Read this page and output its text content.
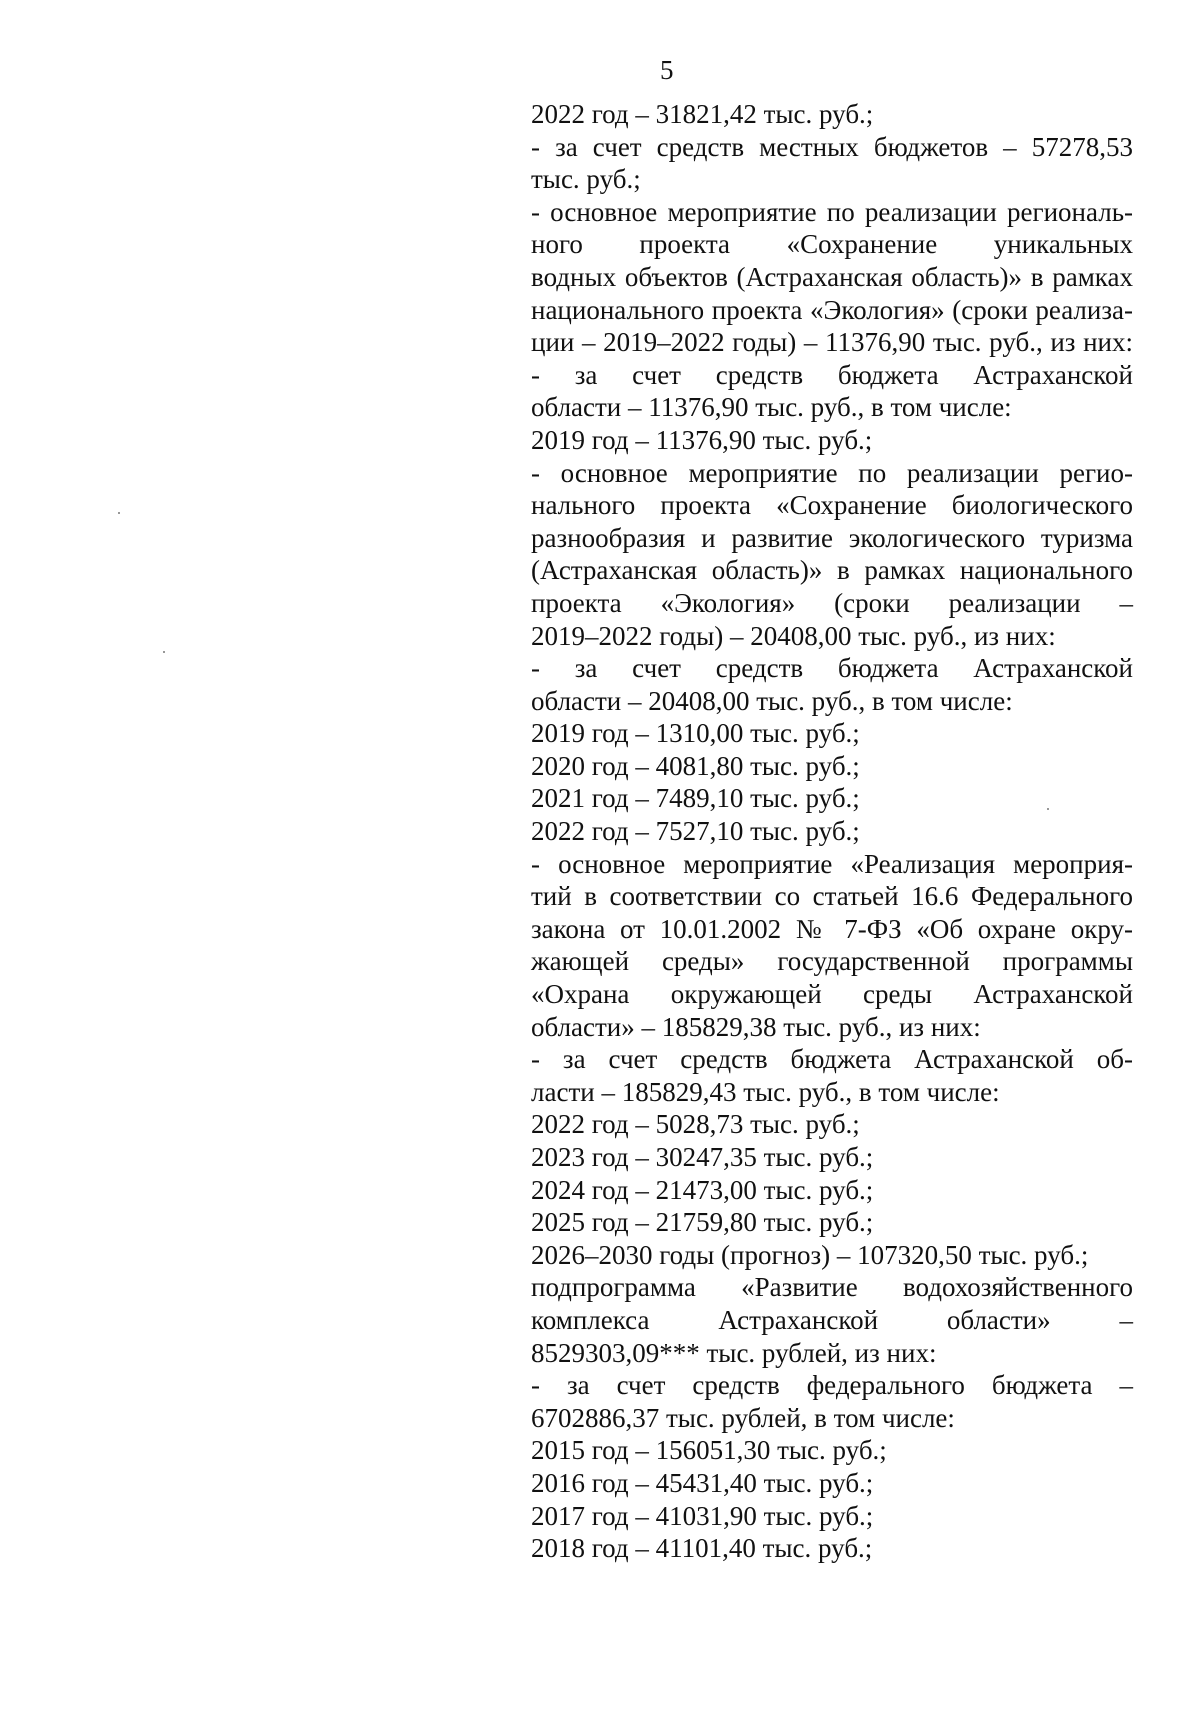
5
2022 год – 31821,42 тыс. руб.;
- за счет средств местных бюджетов – 57278,53
тыс. руб.;
- основное мероприятие по реализации региональ-
ного проекта «Сохранение уникальных
водных объектов (Астраханская область)» в рамках
национального проекта «Экология» (сроки реализа-
ции – 2019–2022 годы) – 11376,90 тыс. руб., из них:
- за счет средств бюджета Астраханской
области – 11376,90 тыс. руб., в том числе:
2019 год – 11376,90 тыс. руб.;
- основное мероприятие по реализации регио-
нального проекта «Сохранение биологического
разнообразия и развитие экологического туризма
(Астраханская область)» в рамках национального
проекта «Экология» (сроки реализации –
2019–2022 годы) – 20408,00 тыс. руб., из них:
- за счет средств бюджета Астраханской
области – 20408,00 тыс. руб., в том числе:
2019 год – 1310,00 тыс. руб.;
2020 год – 4081,80 тыс. руб.;
2021 год – 7489,10 тыс. руб.;
2022 год – 7527,10 тыс. руб.;
- основное мероприятие «Реализация мероприя-
тий в соответствии со статьей 16.6 Федерального
закона от 10.01.2002 № 7-ФЗ «Об охране окру-
жающей среды» государственной программы
«Охрана окружающей среды Астраханской
области» – 185829,38 тыс. руб., из них:
- за счет средств бюджета Астраханской об-
ласти – 185829,43 тыс. руб., в том числе:
2022 год – 5028,73 тыс. руб.;
2023 год – 30247,35 тыс. руб.;
2024 год – 21473,00 тыс. руб.;
2025 год – 21759,80 тыс. руб.;
2026–2030 годы (прогноз) – 107320,50 тыс. руб.;
подпрограмма «Развитие водохозяйственного
комплекса Астраханской области» –
8529303,09*** тыс. рублей, из них:
- за счет средств федерального бюджета –
6702886,37 тыс. рублей, в том числе:
2015 год – 156051,30 тыс. руб.;
2016 год – 45431,40 тыс. руб.;
2017 год – 41031,90 тыс. руб.;
2018 год – 41101,40 тыс. руб.;
